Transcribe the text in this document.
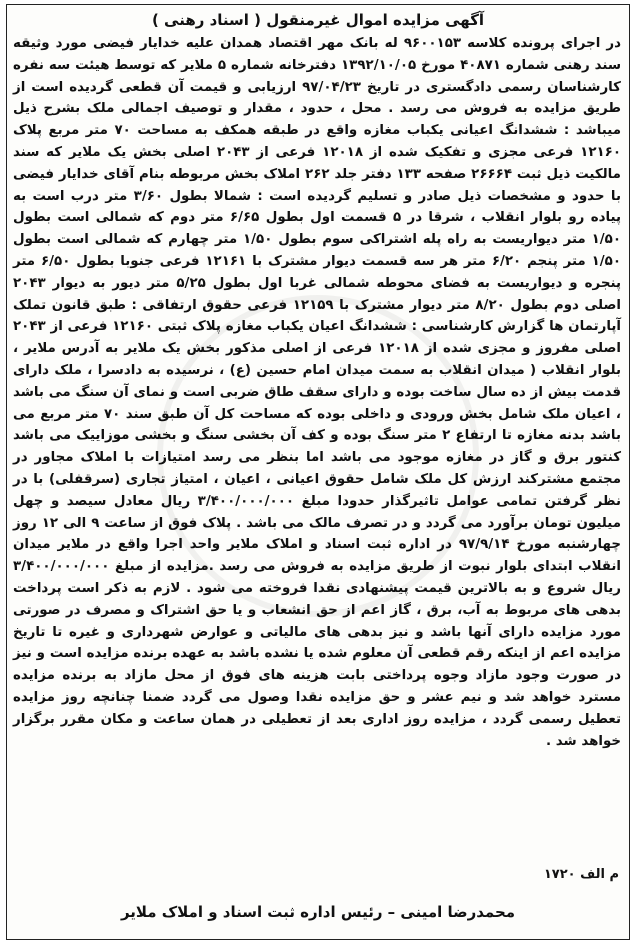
آگهی مزایده اموال غیرمنقول ( اسناد رهنی )
در اجرای پرونده کلاسه ۹۶۰۰۱۵۳ له بانک مهر اقتصاد همدان علیه خدایار فیضی مورد وثیقه سند رهنی شماره ۴۰۸۷۱ مورخ ۱۳۹۲/۱۰/۰۵ دفترخانه شماره ۵ ملایر که توسط هیئت سه نفره کارشناسان رسمی دادگستری در تاریخ ۹۷/۰۴/۲۳ ارزیابی و قیمت آن قطعی گردیده است از طریق مزایده به فروش می رسد . محل ، حدود ، مقدار و توصیف اجمالی ملک بشرح ذیل میباشد : ششدانگ اعیانی یکباب مغازه واقع در طبقه همکف به مساحت ۷۰ متر مربع پلاک ۱۲۱۶۰ فرعی مجزی و تفکیک شده از ۱۲۰۱۸ فرعی از ۲۰۴۳ اصلی بخش یک ملایر که سند مالکیت ذیل ثبت ۲۶۶۶۴ صفحه ۱۳۳ دفتر جلد ۲۶۲ املاک بخش مربوطه بنام آقای خدایار فیضی با حدود و مشخصات ذیل صادر و تسلیم گردیده است : شمالا بطول ۳/۶۰ متر درب است به پیاده رو بلوار انقلاب ، شرقا در ۵ قسمت اول بطول ۶/۶۵ متر دوم که شمالی است بطول ۱/۵۰ متر دیواریست به راه پله اشتراکی سوم بطول ۱/۵۰ متر چهارم که شمالی است بطول ۱/۵۰ متر پنجم ۶/۲۰ متر هر سه قسمت دیوار مشترک با ۱۲۱۶۱ فرعی جنوبا بطول ۶/۵۰ متر پنجره و دیواریست به فضای محوطه شمالی غربا اول بطول ۵/۲۵ متر دیور به دیوار ۲۰۴۳ اصلی دوم بطول ۸/۲۰ متر دیوار مشترک با ۱۲۱۵۹ فرعی حقوق ارتفاقی : طبق قانون تملک آپارتمان ها گزارش کارشناسی : ششدانگ اعیان یکباب مغازه پلاک ثبتی ۱۲۱۶۰ فرعی از ۲۰۴۳ اصلی مفروز و مجزی شده از ۱۲۰۱۸ فرعی از اصلی مذکور بخش یک ملایر به آدرس ملایر ، بلوار انقلاب ( میدان انقلاب به سمت میدان امام حسین (ع) ، نرسیده به دادسرا ، ملک دارای قدمت بیش از ده سال ساخت بوده و دارای سقف طاق ضربی است و نمای آن سنگ می باشد ، اعیان ملک شامل بخش ورودی و داخلی بوده که مساحت کل آن طبق سند ۷۰ متر مربع می باشد بدنه مغازه تا ارتفاع ۲ متر سنگ بوده و کف آن بخشی سنگ و بخشی موزاییک می باشد کنتور برق و گاز در مغازه موجود می باشد اما بنظر می رسد امتیازات با املاک مجاور در مجتمع مشترکند ارزش کل ملک شامل حقوق اعیانی ، اعیان ، امتیاز تجاری (سرقفلی) با در نظر گرفتن تمامی عوامل تاثیرگذار حدودا مبلغ ۳/۴۰۰/۰۰۰/۰۰۰ ریال معادل سیصد و چهل میلیون تومان برآورد می گردد و در تصرف مالک می باشد . پلاک فوق از ساعت ۹ الی ۱۲ روز چهارشنبه مورخ ۹۷/۹/۱۴ در اداره ثبت اسناد و املاک ملایر واحد اجرا واقع در ملایر میدان انقلاب ابتدای بلوار نبوت از طریق مزایده به فروش می رسد .مزایده از مبلغ ۳/۴۰۰/۰۰۰/۰۰۰ ریال شروع و به بالاترین قیمت پیشنهادی نقدا فروخته می شود . لازم به ذکر است پرداخت بدهی های مربوط به آب، برق ، گاز اعم از حق انشعاب و یا حق اشتراک و مصرف در صورتی مورد مزایده دارای آنها باشد و نیز بدهی های مالیاتی و عوارض شهرداری و غیره تا تاریخ مزایده اعم از اینکه رقم قطعی آن معلوم شده یا نشده باشد به عهده برنده مزایده است و نیز در صورت وجود مازاد وجوه پرداختی بابت هزینه های فوق از محل مازاد به برنده مزایده مسترد خواهد شد و نیم عشر و حق مزایده نقدا وصول می گردد ضمنا چنانچه روز مزایده تعطیل رسمی گردد ، مزایده روز اداری بعد از تعطیلی در همان ساعت و مکان مقرر برگزار خواهد شد .
م الف ۱۷۲۰
محمدرضا امینی – رئیس اداره ثبت اسناد و املاک ملایر
